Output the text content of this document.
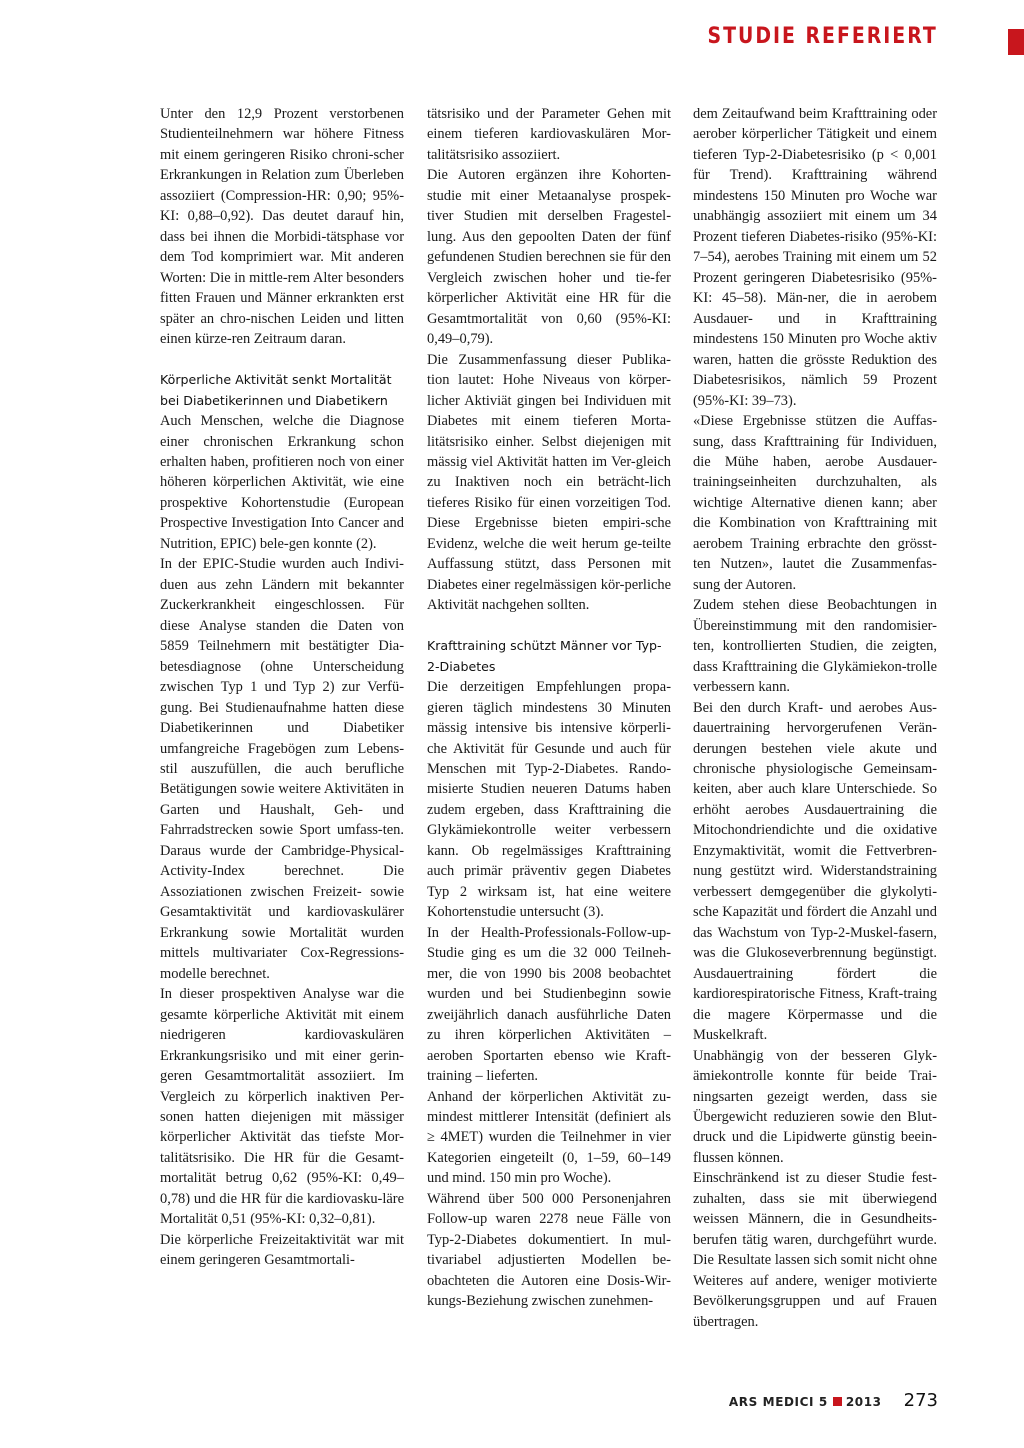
STUDIE REFERIERT

Unter den 12,9 Prozent verstorbenen Studienteilnehmern war höhere Fitness mit einem geringeren Risiko chroni-scher Erkrankungen in Relation zum Überleben assoziiert (Compression-HR: 0,90; 95%-KI: 0,88–0,92). Das deutet darauf hin, dass bei ihnen die Morbidi-tätsphase vor dem Tod komprimiert war. Mit anderen Worten: Die in mittle-rem Alter besonders fitten Frauen und Männer erkrankten erst später an chro-nischen Leiden und litten einen kürze-ren Zeitraum daran.

Körperliche Aktivität senkt Mortalität bei Diabetikerinnen und Diabetikern

Auch Menschen, welche die Diagnose einer chronischen Erkrankung schon erhalten haben, profitieren noch von einer höheren körperlichen Aktivität, wie eine prospektive Kohortenstudie (European Prospective Investigation Into Cancer and Nutrition, EPIC) bele-gen konnte (2).

In der EPIC-Studie wurden auch Indivi-duen aus zehn Ländern mit bekannter Zuckerkrankheit eingeschlossen. Für diese Analyse standen die Daten von 5859 Teilnehmern mit bestätigter Dia-betesdiagnose (ohne Unterscheidung zwischen Typ 1 und Typ 2) zur Verfü-gung. Bei Studienaufnahme hatten diese Diabetikerinnen und Diabetiker umfangreiche Fragebögen zum Lebens-stil auszufüllen, die auch berufliche Betätigungen sowie weitere Aktivitäten in Garten und Haushalt, Geh- und Fahrradstrecken sowie Sport umfass-ten. Daraus wurde der Cambridge-Physical-Activity-Index berechnet. Die Assoziationen zwischen Freizeit- sowie Gesamtaktivität und kardiovaskulärer Erkrankung sowie Mortalität wurden mittels multivariater Cox-Regressions-modelle berechnet.

In dieser prospektiven Analyse war die gesamte körperliche Aktivität mit einem niedrigeren kardiovaskulären Erkrankungsrisiko und mit einer gerin-geren Gesamtmortalität assoziiert. Im Vergleich zu körperlich inaktiven Per-sonen hatten diejenigen mit mässiger körperlicher Aktivität das tiefste Mor-talitätsrisiko. Die HR für die Gesamt-mortalität betrug 0,62 (95%-KI: 0,49–0,78) und die HR für die kardiovasku-läre Mortalität 0,51 (95%-KI: 0,32–0,81).

Die körperliche Freizeitaktivität war mit einem geringeren Gesamtmortali-

tätsrisiko und der Parameter Gehen mit einem tieferen kardiovaskulären Mor-talitätsrisiko assoziiert.

Die Autoren ergänzen ihre Kohorten-studie mit einer Metaanalyse prospek-tiver Studien mit derselben Fragestel-lung. Aus den gepoolten Daten der fünf gefundenen Studien berechnen sie für den Vergleich zwischen hoher und tie-fer körperlicher Aktivität eine HR für die Gesamtmortalität von 0,60 (95%-KI: 0,49–0,79).

Die Zusammenfassung dieser Publika-tion lautet: Hohe Niveaus von körper-licher Aktiviät gingen bei Individuen mit Diabetes mit einem tieferen Morta-litätsrisiko einher. Selbst diejenigen mit mässig viel Aktivität hatten im Ver-gleich zu Inaktiven noch ein beträcht-lich tieferes Risiko für einen vorzeitigen Tod. Diese Ergebnisse bieten empiri-sche Evidenz, welche die weit herum ge-teilte Auffassung stützt, dass Personen mit Diabetes einer regelmässigen kör-perliche Aktivität nachgehen sollten.

Krafttraining schützt Männer vor Typ-2-Diabetes

Die derzeitigen Empfehlungen propa-gieren täglich mindestens 30 Minuten mässig intensive bis intensive körperli-che Aktivität für Gesunde und auch für Menschen mit Typ-2-Diabetes. Rando-misierte Studien neueren Datums haben zudem ergeben, dass Krafttraining die Glykämiekontrolle weiter verbessern kann. Ob regelmässiges Krafttraining auch primär präventiv gegen Diabetes Typ 2 wirksam ist, hat eine weitere Kohortenstudie untersucht (3).

In der Health-Professionals-Follow-up-Studie ging es um die 32 000 Teilneh-mer, die von 1990 bis 2008 beobachtet wurden und bei Studienbeginn sowie zweijährlich danach ausführliche Daten zu ihren körperlichen Aktivitäten – aeroben Sportarten ebenso wie Kraft-training – lieferten.

Anhand der körperlichen Aktivität zu-mindest mittlerer Intensität (definiert als ≥ 4MET) wurden die Teilnehmer in vier Kategorien eingeteilt (0, 1–59, 60–149 und mind. 150 min pro Woche).

Während über 500 000 Personenjahren Follow-up waren 2278 neue Fälle von Typ-2-Diabetes dokumentiert. In mul-tivariabel adjustierten Modellen be-obachteten die Autoren eine Dosis-Wir-kungs-Beziehung zwischen zunehmen-

dem Zeitaufwand beim Krafttraining oder aerober körperlicher Tätigkeit und einem tieferen Typ-2-Diabetesrisiko (p < 0,001 für Trend). Krafttraining während mindestens 150 Minuten pro Woche war unabhängig assoziiert mit einem um 34 Prozent tieferen Diabetes-risiko (95%-KI: 7–54), aerobes Training mit einem um 52 Prozent geringeren Diabetesrisiko (95%-KI: 45–58). Män-ner, die in aerobem Ausdauer- und in Krafttraining mindestens 150 Minuten pro Woche aktiv waren, hatten die grösste Reduktion des Diabetesrisikos, nämlich 59 Prozent (95%-KI: 39–73).

«Diese Ergebnisse stützen die Auffas-sung, dass Krafttraining für Individuen, die Mühe haben, aerobe Ausdauer-trainingseinheiten durchzuhalten, als wichtige Alternative dienen kann; aber die Kombination von Krafttraining mit aerobem Training erbrachte den grösst-ten Nutzen», lautet die Zusammenfas-sung der Autoren.

Zudem stehen diese Beobachtungen in Übereinstimmung mit den randomisier-ten, kontrollierten Studien, die zeigten, dass Krafttraining die Glykämiekon-trolle verbessern kann.

Bei den durch Kraft- und aerobes Aus-dauertraining hervorgerufenen Verän-derungen bestehen viele akute und chronische physiologische Gemeinsam-keiten, aber auch klare Unterschiede. So erhöht aerobes Ausdauertraining die Mitochondriendichte und die oxidative Enzymaktivität, womit die Fettverbren-nung gestützt wird. Widerstandstraining verbessert demgegenüber die glykolyti-sche Kapazität und fördert die Anzahl und das Wachstum von Typ-2-Muskel-fasern, was die Glukoseverbrennung begünstigt. Ausdauertraining fördert die kardiorespiratorische Fitness, Kraft-traing die magere Körpermasse und die Muskelkraft.

Unabhängig von der besseren Glyk-ämiekontrolle konnte für beide Trai-ningsarten gezeigt werden, dass sie Übergewicht reduzieren sowie den Blut-druck und die Lipidwerte günstig beein-flussen können.

Einschränkend ist zu dieser Studie fest-zuhalten, dass sie mit überwiegend weissen Männern, die in Gesundheits-berufen tätig waren, durchgeführt wurde. Die Resultate lassen sich somit nicht ohne Weiteres auf andere, weniger motivierte Bevölkerungsgruppen und auf Frauen übertragen.

ARS MEDICI 5 2013 273
